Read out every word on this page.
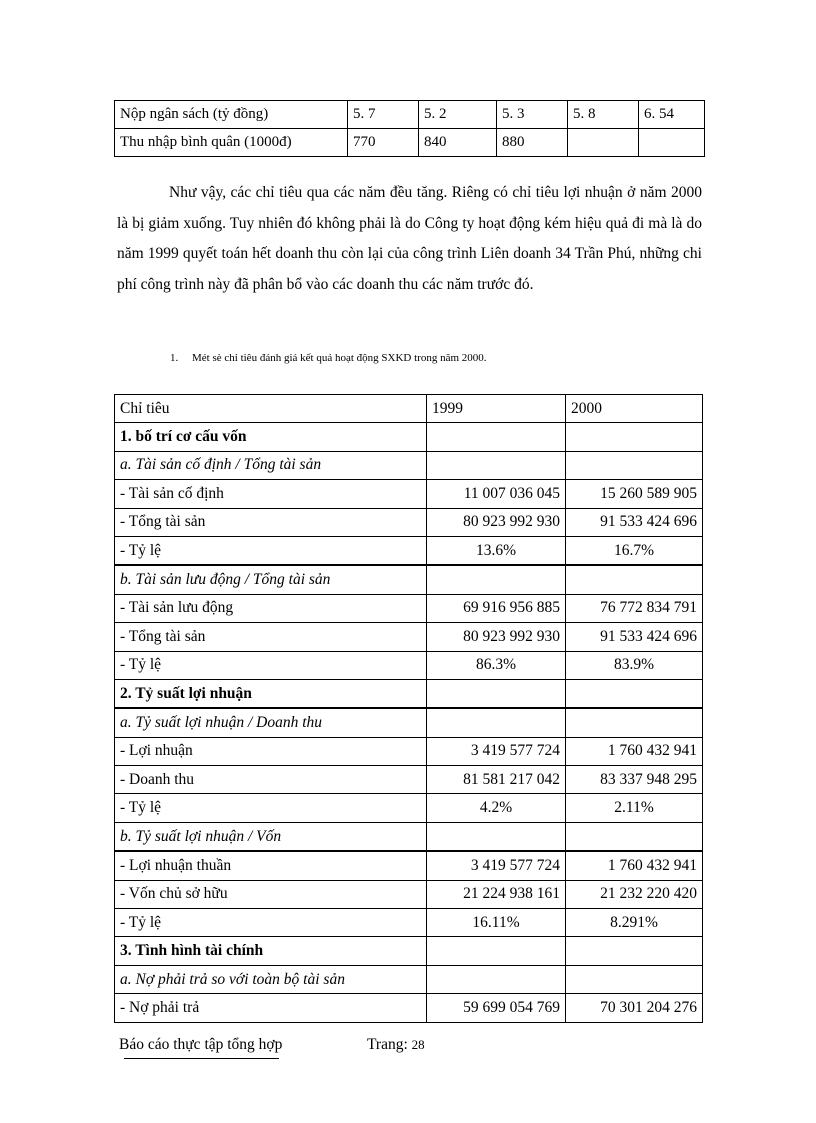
Nộp ngân sách (tỷ đồng)	5. 7	5. 2	5. 3	5. 8	6. 54
Thu nhập bình quân (1000đ)	770	840	880		

Như vậy, các chỉ tiêu qua các năm đều tăng. Riêng có chỉ tiêu lợi nhuận ở năm 2000 là bị giảm xuống. Tuy nhiên đó không phải là do Công ty hoạt động kém hiệu quả đi mà là do năm 1999 quyết toán hết doanh thu còn lại của công trình Liên doanh 34 Trần Phú, những chi phí công trình này đã phân bổ vào các doanh thu các năm trước đó.

1. Mét sè chỉ tiêu đánh giá kết quả hoạt động SXKD trong năm 2000.
Chỉ tiêu	1999	2000
1. bố trí cơ cấu vốn		
a. Tài sản cố định / Tổng tài sản		
- Tài sản cố định	11 007 036 045	15 260 589 905
- Tổng tài sản	80 923 992 930	91 533 424 696
- Tỷ lệ	13.6%	16.7%
b. Tài sản lưu động / Tổng tài sản		
- Tài sản lưu động	69 916 956 885	76 772 834 791
- Tổng tài sản	80 923 992 930	91 533 424 696
- Tỷ lệ	86.3%	83.9%
2. Tỷ suất lợi nhuận		
a. Tỷ suất lợi nhuận / Doanh thu		
- Lợi nhuận	3 419 577 724	1 760 432 941
- Doanh thu	81 581 217 042	83 337 948 295
- Tỷ lệ	4.2%	2.11%
b. Tỷ suất lợi nhuận / Vốn		
- Lợi nhuận thuần	3 419 577 724	1 760 432 941
- Vốn chủ sở hữu	21 224 938 161	21 232 220 420
- Tỷ lệ	16.11%	8.291%
3. Tình hình tài chính		
a. Nợ phải trả so với toàn bộ tài sản		
- Nợ phải trả	59 699 054 769	70 301 204 276
Báo cáo thực tập tổng hợp	Trang: 28
